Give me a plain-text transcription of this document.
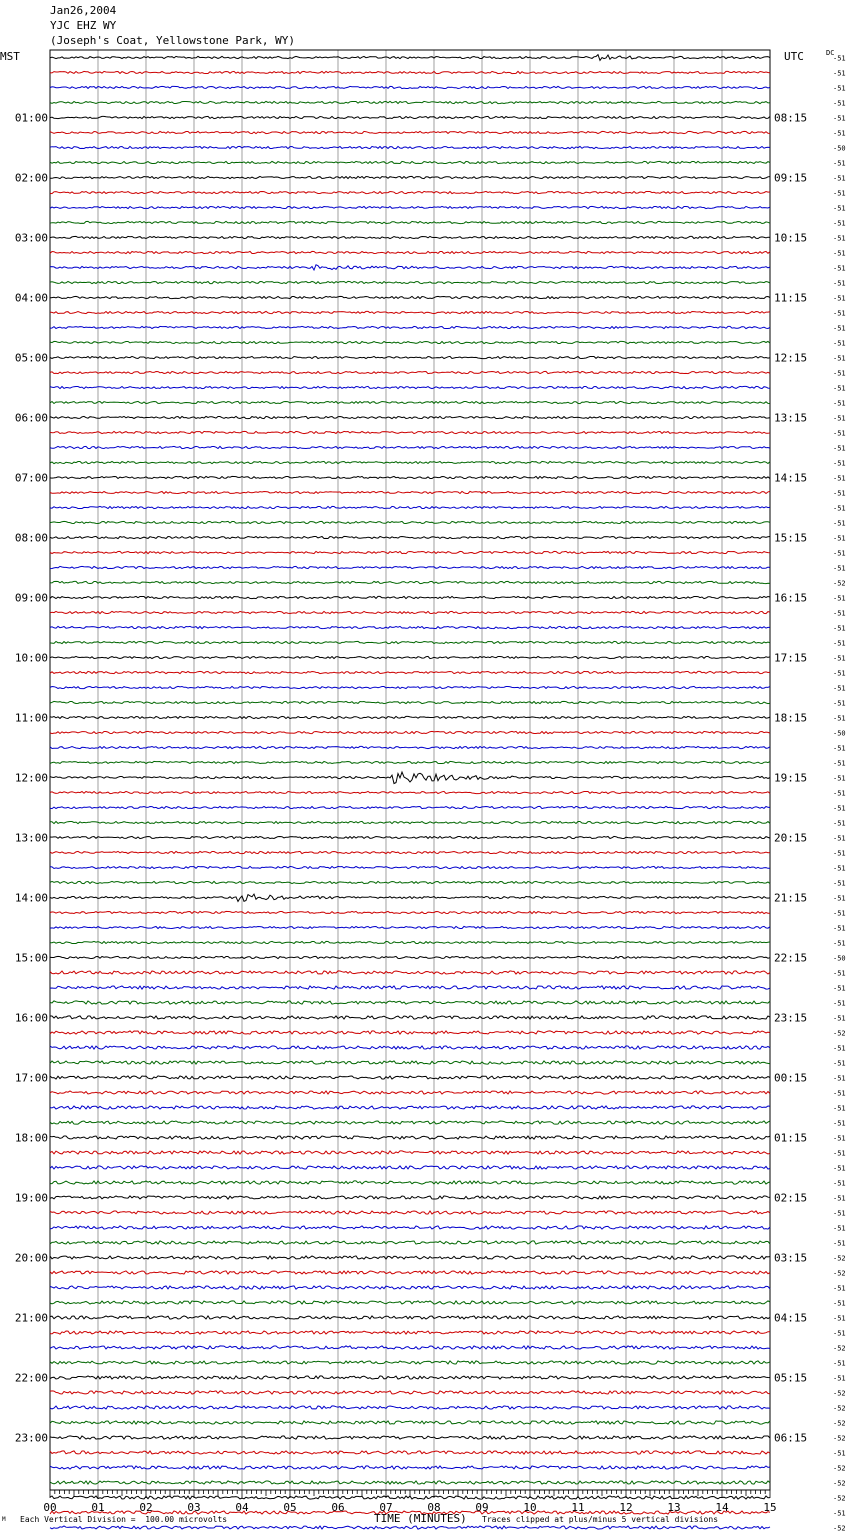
Jan26,2004
YJC EHZ WY
(Joseph's Coat, Yellowstone Park, WY)
MST	UTC	DC
-51
-51
-51
-51
-51
-51
-50
-51
-51
-51
-51
-51
-51
-51
-51
-51
-51
-51
-51
-51
-51
-51
-51
-51
-51
-51
-51
-51
-51
-51
-51
-51
-51
-51
-51
-52
-51
-51
-51
-51
-51
-51
-51
-51
-51
-50
-51
-51
-51
-51
-51
-51
-51
-51
-51
-51
-51
-51
-51
-51
-50
-51
-51
-51
-51
-52
-51
-51
-51
-51
-51
-51
-51
-51
-51
-51
-51
-51
-51
-51
-52
-52
-51
-51
-51
-51
-52
-51
-51
-52
-52
-52
-52
-51
-52
-52
-52
-51
-52
01:00	08:15
02:00	09:15
03:00	10:15
04:00	11:15
05:00	12:15
06:00	13:15
07:00	14:15
08:00	15:15
09:00	16:15
10:00	17:15
11:00	18:15
12:00	19:15
13:00	20:15
14:00	21:15
15:00	22:15
16:00	23:15
17:00	00:15
18:00	01:15
19:00	02:15
20:00	03:15
21:00	04:15
22:00	05:15
23:00	06:15
00	01	02	03	04	05	06	07	08	09	10	11	12	13	14	15
M Each Vertical Division =  100.00 microvolts	TIME (MINUTES) Traces clipped at plus/minus 5 vertical divisions
